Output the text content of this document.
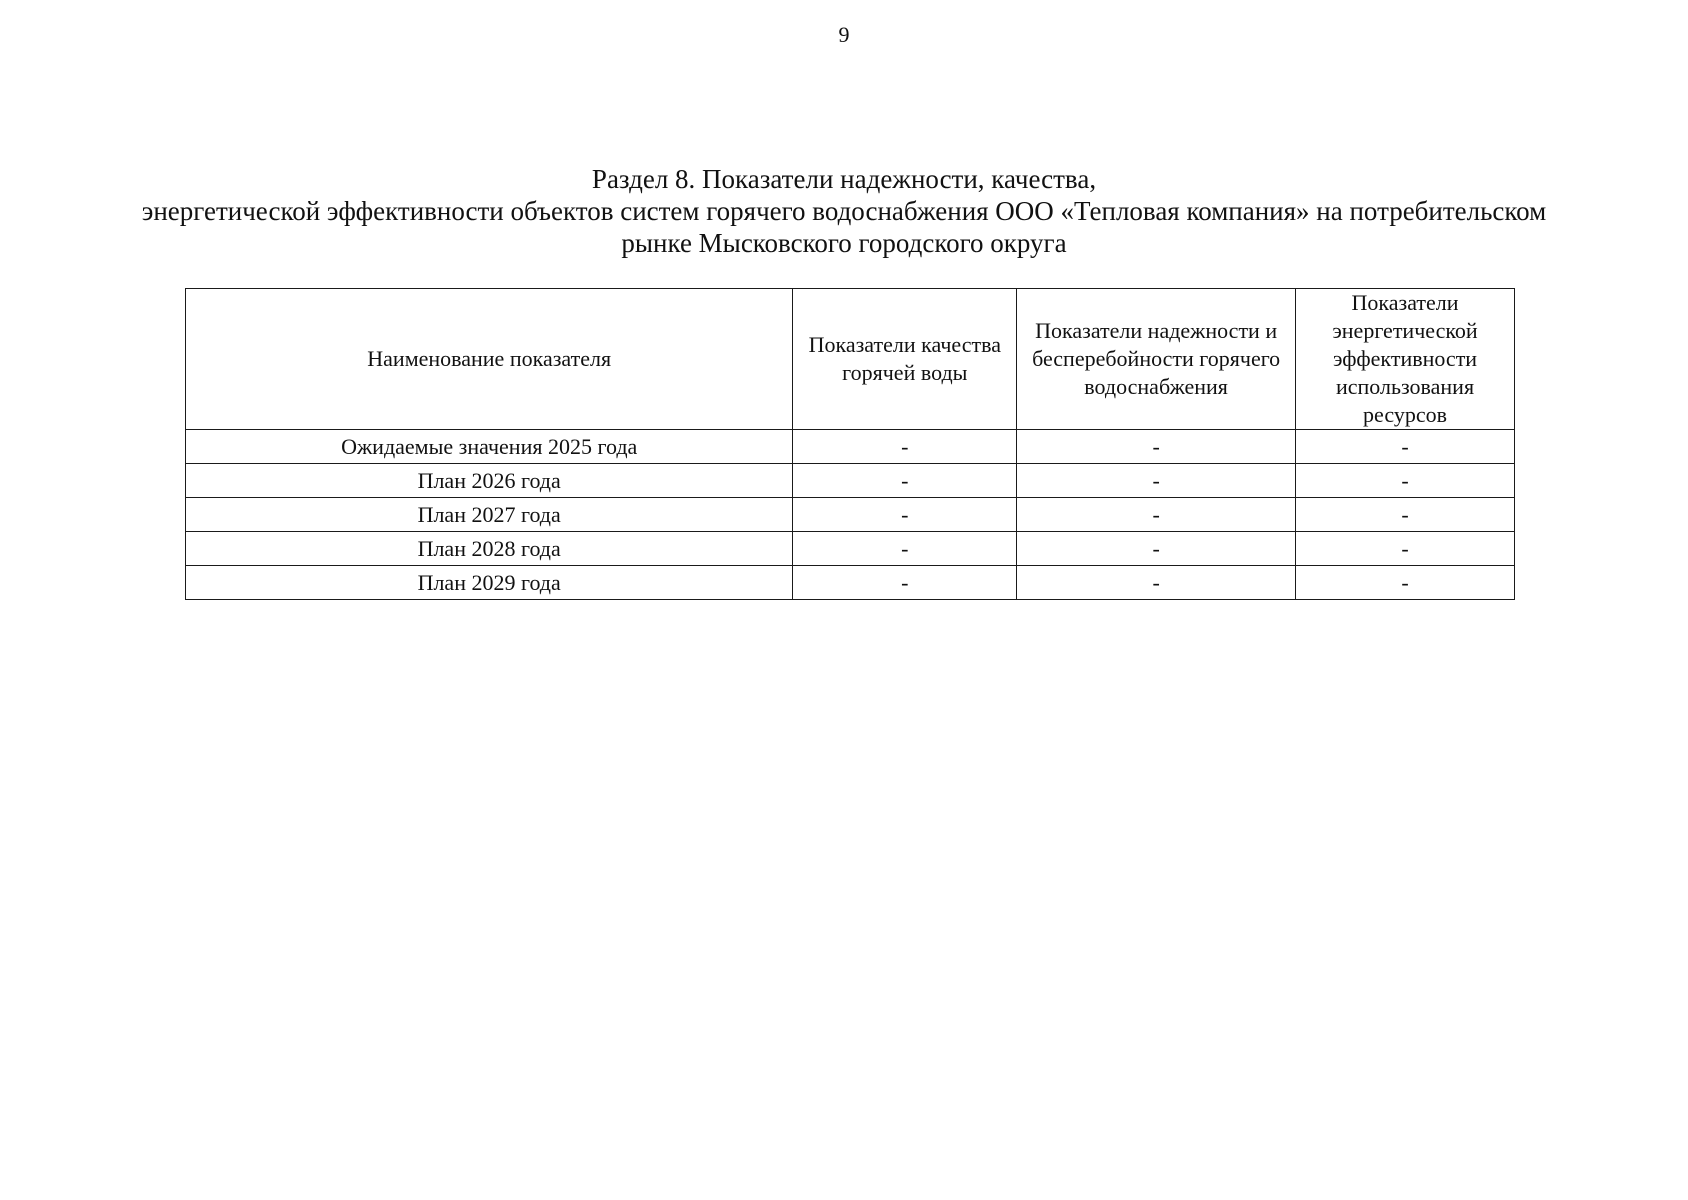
9
Раздел 8. Показатели надежности, качества,
энергетической эффективности объектов систем горячего водоснабжения ООО «Тепловая компания» на потребительском
рынке Мысковского городского округа
Наименование показателя	Показатели качества горячей воды	Показатели надежности и бесперебойности горячего водоснабжения	Показатели энергетической эффективности использования ресурсов
Ожидаемые значения 2025 года	-	-	-
План 2026 года	-	-	-
План 2027 года	-	-	-
План 2028 года	-	-	-
План 2029 года	-	-	-
